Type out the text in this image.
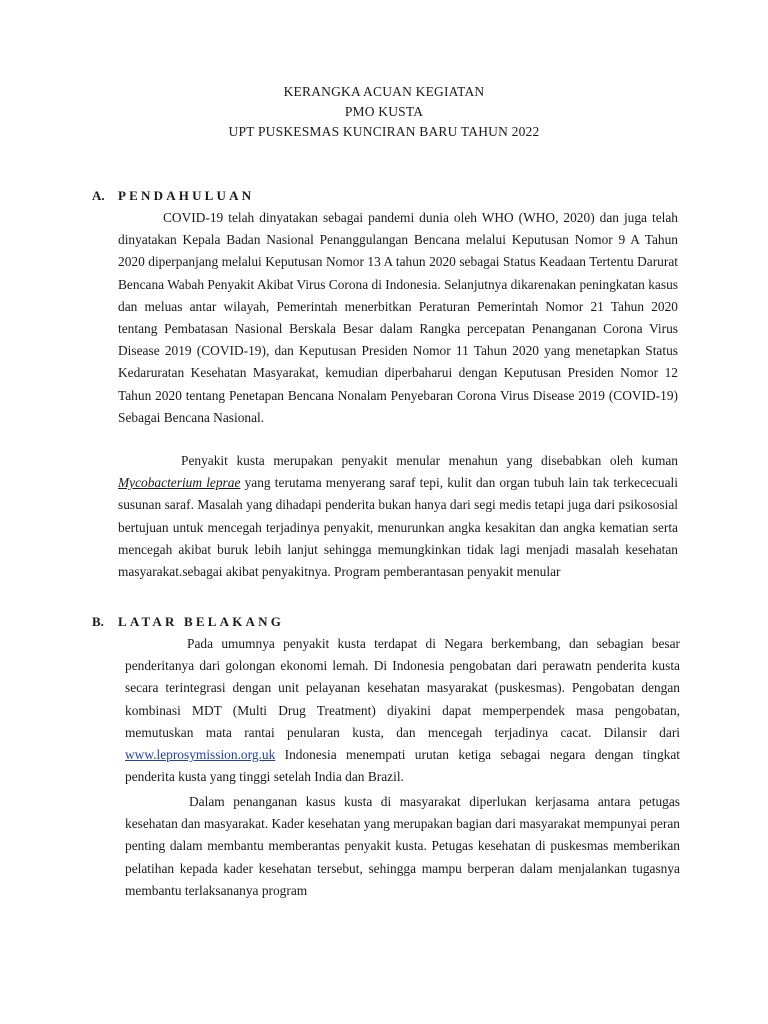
KERANGKA ACUAN KEGIATAN
PMO KUSTA
UPT PUSKESMAS KUNCIRAN BARU TAHUN 2022
A. PENDAHULUAN

COVID-19 telah dinyatakan sebagai pandemi dunia oleh WHO (WHO, 2020) dan juga telah dinyatakan Kepala Badan Nasional Penanggulangan Bencana melalui Keputusan Nomor 9 A Tahun 2020 diperpanjang melalui Keputusan Nomor 13 A tahun 2020 sebagai Status Keadaan Tertentu Darurat Bencana Wabah Penyakit Akibat Virus Corona di Indonesia. Selanjutnya dikarenakan peningkatan kasus dan meluas antar wilayah, Pemerintah menerbitkan Peraturan Pemerintah Nomor 21 Tahun 2020 tentang Pembatasan Nasional Berskala Besar dalam Rangka percepatan Penanganan Corona Virus Disease 2019 (COVID-19), dan Keputusan Presiden Nomor 11 Tahun 2020 yang menetapkan Status Kedaruratan Kesehatan Masyarakat, kemudian diperbaharui dengan Keputusan Presiden Nomor 12 Tahun 2020 tentang Penetapan Bencana Nonalam Penyebaran Corona Virus Disease 2019 (COVID-19) Sebagai Bencana Nasional.

Penyakit kusta merupakan penyakit menular menahun yang disebabkan oleh kuman Mycobacterium leprae yang terutama menyerang saraf tepi, kulit dan organ tubuh lain tak terkececuali susunan saraf. Masalah yang dihadapi penderita bukan hanya dari segi medis tetapi juga dari psikososial bertujuan untuk mencegah terjadinya penyakit, menurunkan angka kesakitan dan angka kematian serta mencegah akibat buruk lebih lanjut sehingga memungkinkan tidak lagi menjadi masalah kesehatan masyarakat.sebagai akibat penyakitnya. Program pemberantasan penyakit menular

B. LATAR BELAKANG

Pada umumnya penyakit kusta terdapat di Negara berkembang, dan sebagian besar penderitanya dari golongan ekonomi lemah. Di Indonesia pengobatan dari perawatn penderita kusta secara terintegrasi dengan unit pelayanan kesehatan masyarakat (puskesmas). Pengobatan dengan kombinasi MDT (Multi Drug Treatment) diyakini dapat memperpendek masa pengobatan, memutuskan mata rantai penularan kusta, dan mencegah terjadinya cacat. Dilansir dari www.leprosymission.org.uk Indonesia menempati urutan ketiga sebagai negara dengan tingkat penderita kusta yang tinggi setelah India dan Brazil.

Dalam penanganan kasus kusta di masyarakat diperlukan kerjasama antara petugas kesehatan dan masyarakat. Kader kesehatan yang merupakan bagian dari masyarakat mempunyai peran penting dalam membantu memberantas penyakit kusta. Petugas kesehatan di puskesmas memberikan pelatihan kepada kader kesehatan tersebut, sehingga mampu berperan dalam menjalankan tugasnya membantu terlaksananya program
